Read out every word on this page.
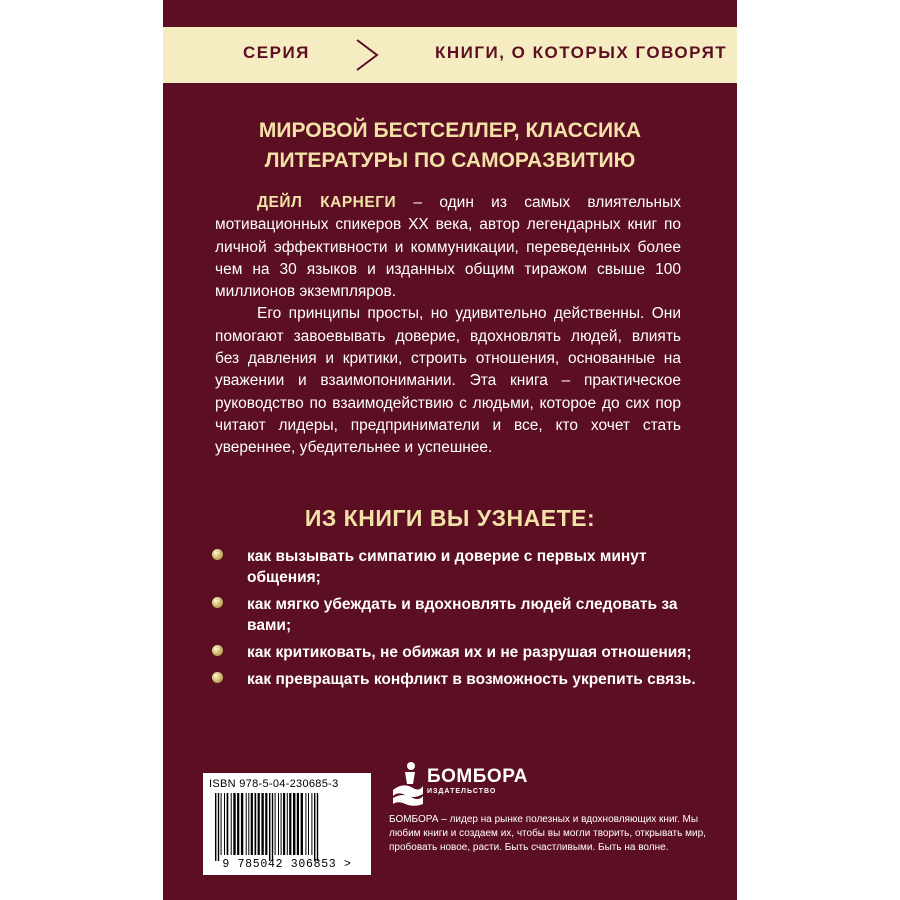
СЕРИЯ	КНИГИ, О КОТОРЫХ ГОВОРЯТ
МИРОВОЙ БЕСТСЕЛЛЕР, КЛАССИКА
ЛИТЕРАТУРЫ ПО САМОРАЗВИТИЮ

ДЕЙЛ КАРНЕГИ – один из самых влиятельных мотивационных спикеров XX века, автор легендарных книг по личной эффективности и коммуникации, переведенных более чем на 30 языков и изданных общим тиражом свыше 100 миллионов экземпляров.

Его принципы просты, но удивительно действенны. Они помогают завоевывать доверие, вдохновлять людей, влиять без давления и критики, строить отношения, основанные на уважении и взаимопонимании. Эта книга – практическое руководство по взаимодействию с людьми, которое до сих пор читают лидеры, предприниматели и все, кто хочет стать увереннее, убедительнее и успешнее.

ИЗ КНИГИ ВЫ УЗНАЕТЕ:
как вызывать симпатию и доверие с первых минут общения;
как мягко убеждать и вдохновлять людей следовать за вами;
как критиковать, не обижая их и не разрушая отношения;
как превращать конфликт в возможность укрепить связь.
ISBN 978-5-04-230685-3
9 785042 306853 >
БОМБОРА
ИЗДАТЕЛЬСТВО
БОМБОРА – лидер на рынке полезных и вдохновляющих книг. Мы любим книги и создаем их, чтобы вы могли творить, открывать мир, пробовать новое, расти. Быть счастливыми. Быть на волне.
